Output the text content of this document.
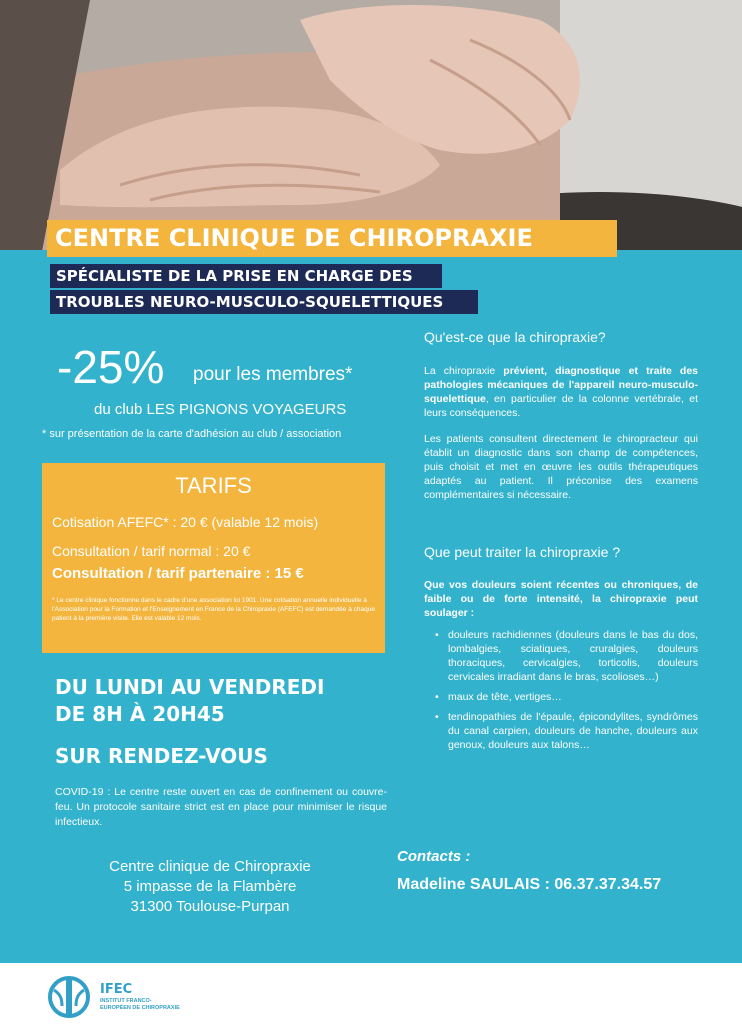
CENTRE CLINIQUE DE CHIROPRAXIE
SPÉCIALISTE DE LA PRISE EN CHARGE DES
TROUBLES NEURO-MUSCULO-SQUELETTIQUES
-25% pour les membres*
du club LES PIGNONS VOYAGEURS
* sur présentation de la carte d'adhésion au club / association
TARIFS
Cotisation AFEFC* : 20 € (valable 12 mois)
Consultation / tarif normal : 20 €
Consultation / tarif partenaire : 15 €
* Le centre clinique fonctionne dans le cadre d'une association loi 1901. Une cotisation annuelle individuelle à l'Association pour la Formation et l'Enseignement en France de la Chiropraxie (AFEFC) est demandée à chaque patient à la première visite. Elle est valable 12 mois.
DU LUNDI AU VENDREDI
DE 8H À 20H45
SUR RENDEZ-VOUS
COVID-19 : Le centre reste ouvert en cas de confinement ou couvre-feu. Un protocole sanitaire strict est en place pour minimiser le risque infectieux.
Centre clinique de Chiropraxie
5 impasse de la Flambère
31300 Toulouse-Purpan
Qu'est-ce que la chiropraxie?
La chiropraxie prévient, diagnostique et traite des pathologies mécaniques de l'appareil neuro-musculo-squelettique, en particulier de la colonne vertébrale, et leurs conséquences.
Les patients consultent directement le chiropracteur qui établit un diagnostic dans son champ de compétences, puis choisit et met en œuvre les outils thérapeutiques adaptés au patient. Il préconise des examens complémentaires si nécessaire.
Que peut traiter la chiropraxie ?
Que vos douleurs soient récentes ou chroniques, de faible ou de forte intensité, la chiropraxie peut soulager :
• douleurs rachidiennes (douleurs dans le bas du dos, lombalgies, sciatiques, cruralgies, douleurs thoraciques, cervicalgies, torticolis, douleurs cervicales irradiant dans le bras, scolioses…)
• maux de tête, vertiges…
• tendinopathies de l'épaule, épicondylites, syndrômes du canal carpien, douleurs de hanche, douleurs aux genoux, douleurs aux talons…
Contacts :
Madeline SAULAIS : 06.37.37.34.57
IFEC
INSTITUT FRANCO-EUROPÉEN DE CHIROPRAXIE
